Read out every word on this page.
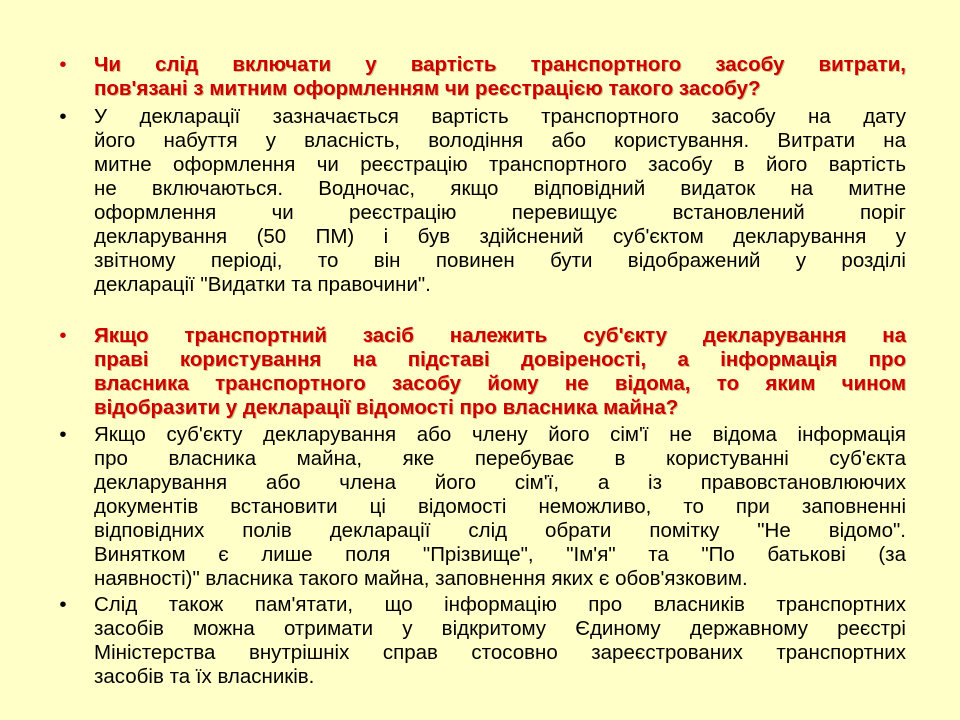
• Чи слід включати у вартість транспортного засобу витрати,
пов'язані з митним оформленням чи реєстрацією такого засобу?
• У декларації зазначається вартість транспортного засобу на дату
його набуття у власність, володіння або користування. Витрати на
митне оформлення чи реєстрацію транспортного засобу в його вартість
не включаються. Водночас, якщо відповідний видаток на митне
оформлення чи реєстрацію перевищує встановлений поріг
декларування (50 ПМ) і був здійснений суб'єктом декларування у
звітному періоді, то він повинен бути відображений у розділі
декларації "Видатки та правочини".
• Якщо транспортний засіб належить суб'єкту декларування на
праві користування на підставі довіреності, а інформація про
власника транспортного засобу йому не відома, то яким чином
відобразити у декларації відомості про власника майна?
• Якщо суб'єкту декларування або члену його сім'ї не відома інформація
про власника майна, яке перебуває в користуванні суб'єкта
декларування або члена його сім'ї, а із правовстановлюючих
документів встановити ці відомості неможливо, то при заповненні
відповідних полів декларації слід обрати помітку "Не відомо".
Винятком є лише поля "Прізвище", "Ім'я" та "По батькові (за
наявності)" власника такого майна, заповнення яких є обов'язковим.
• Слід також пам'ятати, що інформацію про власників транспортних
засобів можна отримати у відкритому Єдиному державному реєстрі
Міністерства внутрішніх справ стосовно зареєстрованих транспортних
засобів та їх власників.
